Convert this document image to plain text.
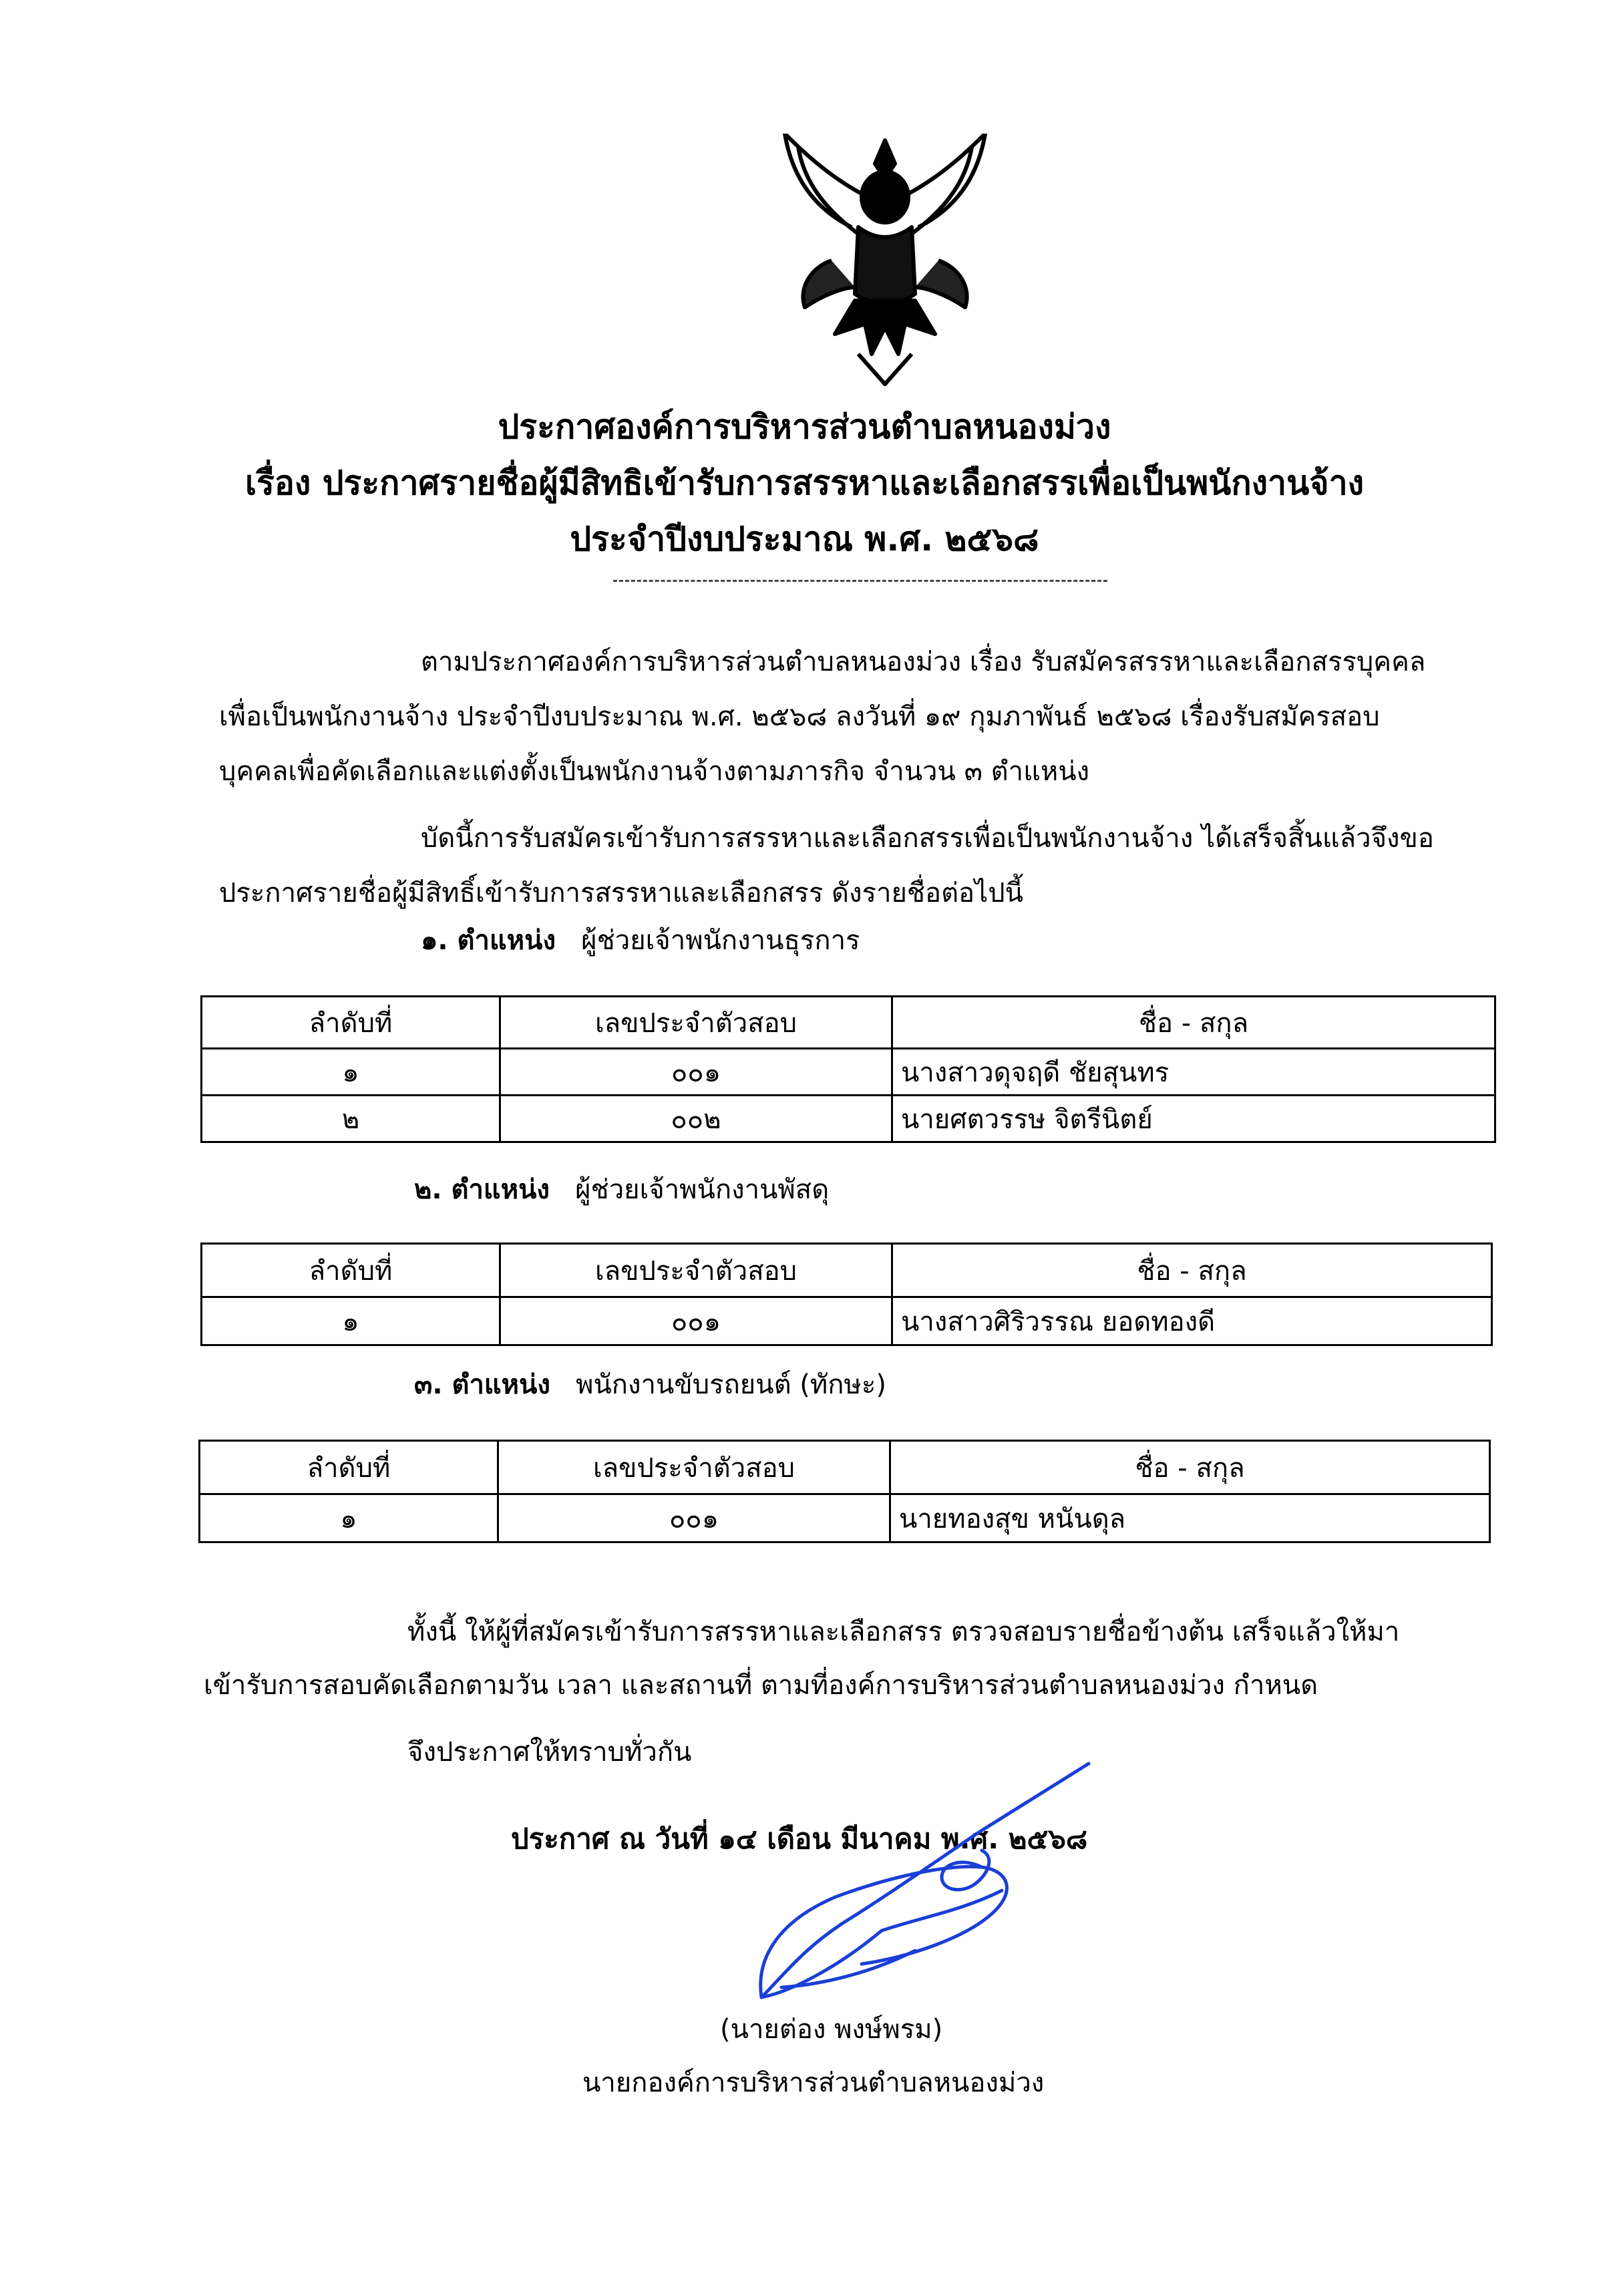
ประกาศองค์การบริหารส่วนตำบลหนองม่วง
เรื่อง ประกาศรายชื่อผู้มีสิทธิเข้ารับการสรรหาและเลือกสรรเพื่อเป็นพนักงานจ้าง
ประจำปีงบประมาณ พ.ศ. ๒๕๖๘
ตามประกาศองค์การบริหารส่วนตำบลหนองม่วง เรื่อง รับสมัครสรรหาและเลือกสรรบุคคล
เพื่อเป็นพนักงานจ้าง ประจำปีงบประมาณ พ.ศ. ๒๕๖๘ ลงวันที่ ๑๙ กุมภาพันธ์ ๒๕๖๘ เรื่องรับสมัครสอบ
บุคคลเพื่อคัดเลือกและแต่งตั้งเป็นพนักงานจ้างตามภารกิจ จำนวน ๓ ตำแหน่ง
บัดนี้การรับสมัครเข้ารับการสรรหาและเลือกสรรเพื่อเป็นพนักงานจ้าง ได้เสร็จสิ้นแล้วจึงขอ
ประกาศรายชื่อผู้มีสิทธิ์เข้ารับการสรรหาและเลือกสรร ดังรายชื่อต่อไปนี้
๑. ตำแหน่ง ผู้ช่วยเจ้าพนักงานธุรการ
ลำดับที่	เลขประจำตัวสอบ	ชื่อ - สกุล
๑	๐๐๑	นางสาวดุจฤดี ชัยสุนทร
๒	๐๐๒	นายศตวรรษ จิตรีนิตย์
๒. ตำแหน่ง ผู้ช่วยเจ้าพนักงานพัสดุ
ลำดับที่	เลขประจำตัวสอบ	ชื่อ - สกุล
๑	๐๐๑	นางสาวศิริวรรณ ยอดทองดี
๓. ตำแหน่ง พนักงานขับรถยนต์ (ทักษะ)
ลำดับที่	เลขประจำตัวสอบ	ชื่อ - สกุล
๑	๐๐๑	นายทองสุข หนันดุล
ทั้งนี้ ให้ผู้ที่สมัครเข้ารับการสรรหาและเลือกสรร ตรวจสอบรายชื่อข้างต้น เสร็จแล้วให้มา
เข้ารับการสอบคัดเลือกตามวัน เวลา และสถานที่ ตามที่องค์การบริหารส่วนตำบลหนองม่วง กำหนด
จึงประกาศให้ทราบทั่วกัน
ประกาศ ณ วันที่ ๑๔ เดือน มีนาคม พ.ศ. ๒๕๖๘
(นายต่อง พงษ์พรม)
นายกองค์การบริหารส่วนตำบลหนองม่วง
